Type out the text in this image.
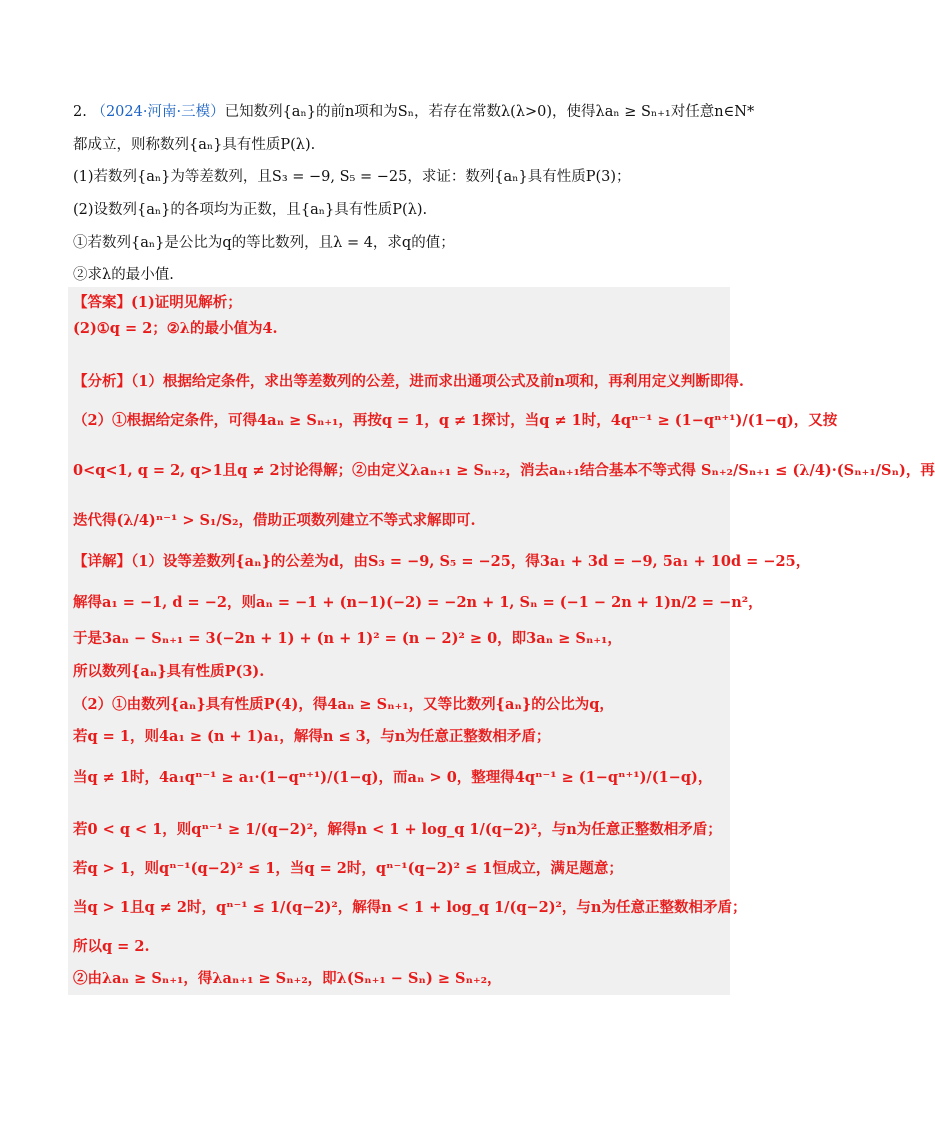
2. （2024·河南·三模）已知数列{aₙ}的前n项和为Sₙ，若存在常数λ(λ>0)，使得λaₙ ≥ Sₙ₊₁对任意n∈N*
都成立，则称数列{aₙ}具有性质P(λ).
(1)若数列{aₙ}为等差数列，且S₃ = −9, S₅ = −25，求证：数列{aₙ}具有性质P(3)；
(2)设数列{aₙ}的各项均为正数，且{aₙ}具有性质P(λ).
①若数列{aₙ}是公比为q的等比数列，且λ = 4，求q的值；
②求λ的最小值.
【答案】(1)证明见解析；
(2)①q = 2；②λ的最小值为4.
【分析】（1）根据给定条件，求出等差数列的公差，进而求出通项公式及前n项和，再利用定义判断即得.
（2）①根据给定条件，可得4aₙ ≥ Sₙ₊₁，再按q = 1，q ≠ 1探讨，当q ≠ 1时，4qⁿ⁻¹ ≥ (1−qⁿ⁺¹)/(1−q)，又按
0<q<1, q = 2, q>1且q ≠ 2讨论得解；②由定义λaₙ₊₁ ≥ Sₙ₊₂，消去aₙ₊₁结合基本不等式得 Sₙ₊₂/Sₙ₊₁ ≤ (λ/4)·(Sₙ₊₁/Sₙ)，再
迭代得(λ/4)ⁿ⁻¹ > S₁/S₂，借助正项数列建立不等式求解即可.
【详解】（1）设等差数列{aₙ}的公差为d，由S₃ = −9, S₅ = −25，得3a₁ + 3d = −9, 5a₁ + 10d = −25，
解得a₁ = −1, d = −2，则aₙ = −1 + (n−1)(−2) = −2n + 1, Sₙ = (−1 − 2n + 1)n/2 = −n²，
于是3aₙ − Sₙ₊₁ = 3(−2n + 1) + (n + 1)² = (n − 2)² ≥ 0，即3aₙ ≥ Sₙ₊₁，
所以数列{aₙ}具有性质P(3).
（2）①由数列{aₙ}具有性质P(4)，得4aₙ ≥ Sₙ₊₁，又等比数列{aₙ}的公比为q，
若q = 1，则4a₁ ≥ (n + 1)a₁，解得n ≤ 3，与n为任意正整数相矛盾；
当q ≠ 1时，4a₁qⁿ⁻¹ ≥ a₁·(1−qⁿ⁺¹)/(1−q)，而aₙ > 0，整理得4qⁿ⁻¹ ≥ (1−qⁿ⁺¹)/(1−q)，
若0 < q < 1，则qⁿ⁻¹ ≥ 1/(q−2)²，解得n < 1 + log_q 1/(q−2)²，与n为任意正整数相矛盾；
若q > 1，则qⁿ⁻¹(q−2)² ≤ 1，当q = 2时，qⁿ⁻¹(q−2)² ≤ 1恒成立，满足题意；
当q > 1且q ≠ 2时，qⁿ⁻¹ ≤ 1/(q−2)²，解得n < 1 + log_q 1/(q−2)²，与n为任意正整数相矛盾；
所以q = 2.
②由λaₙ ≥ Sₙ₊₁，得λaₙ₊₁ ≥ Sₙ₊₂，即λ(Sₙ₊₁ − Sₙ) ≥ Sₙ₊₂，
